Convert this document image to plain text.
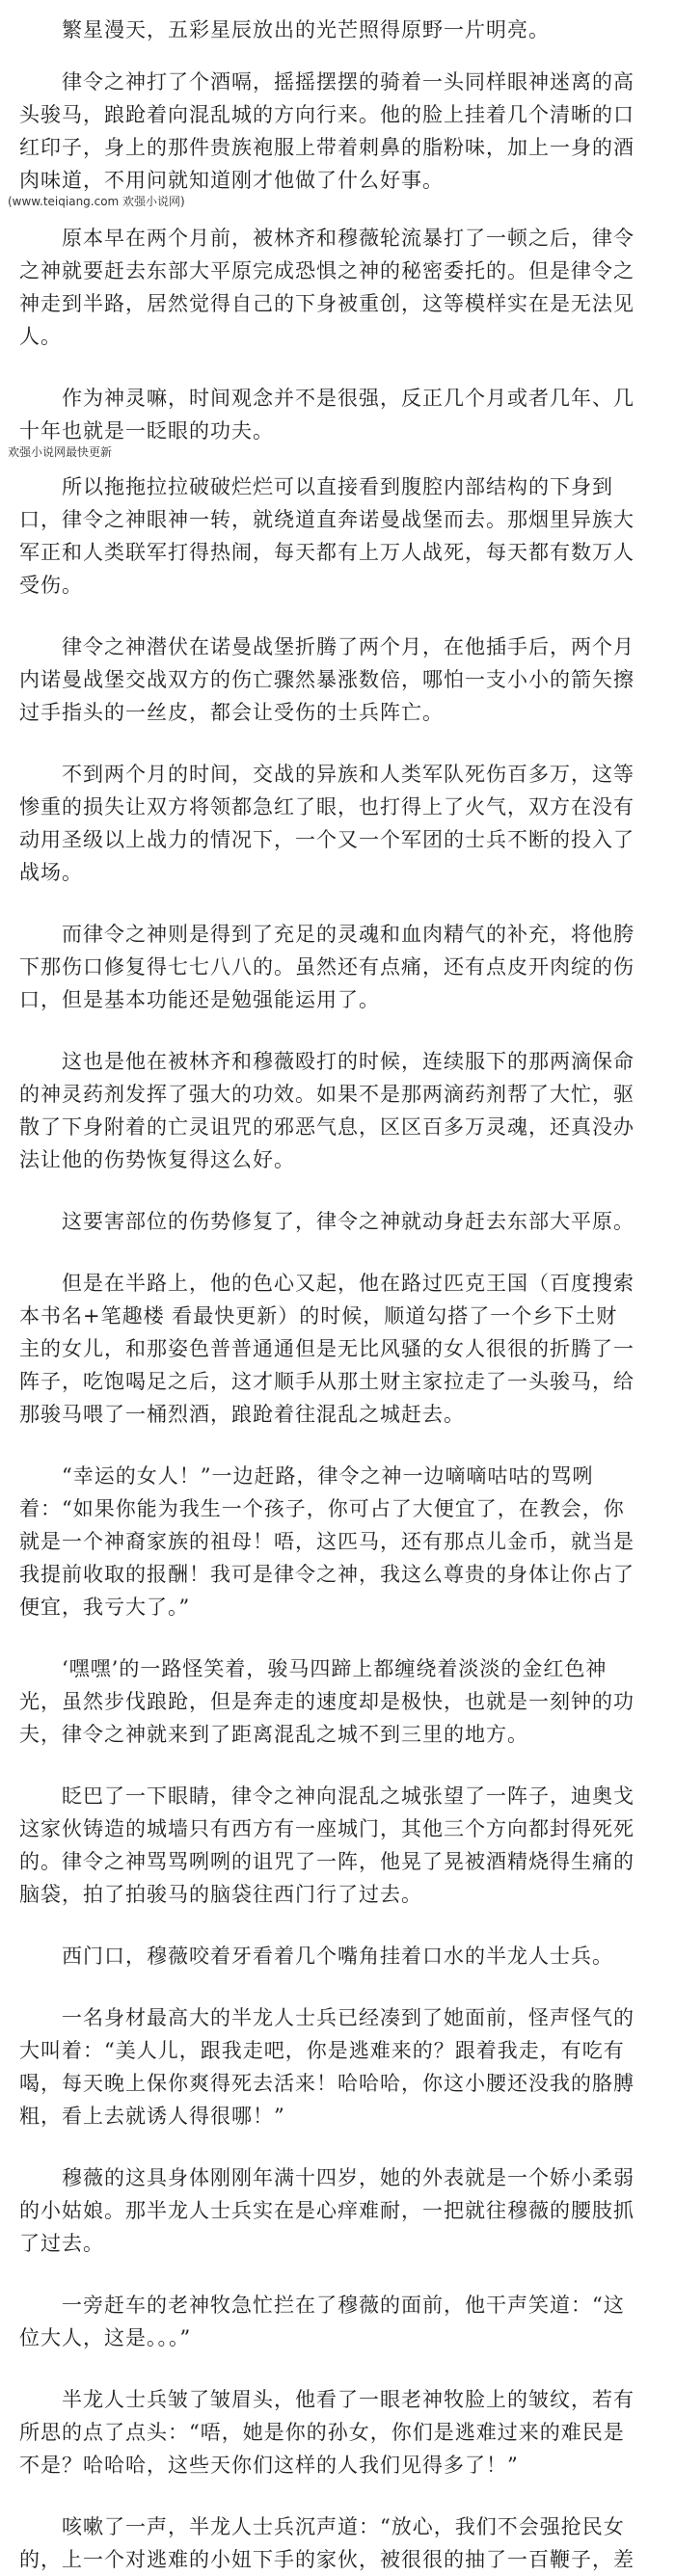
繁星漫天，五彩星辰放出的光芒照得原野一片明亮。

律令之神打了个酒嗝，摇摇摆摆的骑着一头同样眼神迷离的高头骏马，踉跄着向混乱城的方向行来。他的脸上挂着几个清晰的口红印子，身上的那件贵族袍服上带着刺鼻的脂粉味，加上一身的酒肉味道，不用问就知道刚才他做了什么好事。

(www.teiqiang.com 欢强小说网)

原本早在两个月前，被林齐和穆薇轮流暴打了一顿之后，律令之神就要赶去东部大平原完成恐惧之神的秘密委托的。但是律令之神走到半路，居然觉得自己的下身被重创，这等模样实在是无法见人。

作为神灵嘛，时间观念并不是很强，反正几个月或者几年、几十年也就是一眨眼的功夫。

欢强小说网最快更新

所以拖拖拉拉破破烂烂可以直接看到腹腔内部结构的下身到口，律令之神眼神一转，就绕道直奔诺曼战堡而去。那烟里异族大军正和人类联军打得热闹，每天都有上万人战死，每天都有数万人受伤。

律令之神潜伏在诺曼战堡折腾了两个月，在他插手后，两个月内诺曼战堡交战双方的伤亡骤然暴涨数倍，哪怕一支小小的箭矢擦过手指头的一丝皮，都会让受伤的士兵阵亡。

不到两个月的时间，交战的异族和人类军队死伤百多万，这等惨重的损失让双方将领都急红了眼，也打得上了火气，双方在没有动用圣级以上战力的情况下，一个又一个军团的士兵不断的投入了战场。

而律令之神则是得到了充足的灵魂和血肉精气的补充，将他胯下那伤口修复得七七八八的。虽然还有点痛，还有点皮开肉绽的伤口，但是基本功能还是勉强能运用了。

这也是他在被林齐和穆薇殴打的时候，连续服下的那两滴保命的神灵药剂发挥了强大的功效。如果不是那两滴药剂帮了大忙，驱散了下身附着的亡灵诅咒的邪恶气息，区区百多万灵魂，还真没办法让他的伤势恢复得这么好。

这要害部位的伤势修复了，律令之神就动身赶去东部大平原。

但是在半路上，他的色心又起，他在路过匹克王国（百度搜索本书名+笔趣楼 看最快更新）的时候，顺道勾搭了一个乡下土财主的女儿，和那姿色普普通通但是无比风骚的女人很很的折腾了一阵子，吃饱喝足之后，这才顺手从那土财主家拉走了一头骏马，给那骏马喂了一桶烈酒，踉跄着往混乱之城赶去。

“幸运的女人！”一边赶路，律令之神一边嘀嘀咕咕的骂咧着：“如果你能为我生一个孩子，你可占了大便宜了，在教会，你就是一个神裔家族的祖母！唔，这匹马，还有那点儿金币，就当是我提前收取的报酬！我可是律令之神，我这么尊贵的身体让你占了便宜，我亏大了。”

‘嘿嘿’的一路怪笑着，骏马四蹄上都缠绕着淡淡的金红色神光，虽然步伐踉跄，但是奔走的速度却是极快，也就是一刻钟的功夫，律令之神就来到了距离混乱之城不到三里的地方。

眨巴了一下眼睛，律令之神向混乱之城张望了一阵子，迪奥戈这家伙铸造的城墙只有西方有一座城门，其他三个方向都封得死死的。律令之神骂骂咧咧的诅咒了一阵，他晃了晃被酒精烧得生痛的脑袋，拍了拍骏马的脑袋往西门行了过去。

西门口，穆薇咬着牙看着几个嘴角挂着口水的半龙人士兵。

一名身材最高大的半龙人士兵已经凑到了她面前，怪声怪气的大叫着：“美人儿，跟我走吧，你是逃难来的？跟着我走，有吃有喝，每天晚上保你爽得死去活来！哈哈哈，你这小腰还没我的胳膊粗，看上去就诱人得很哪！”

穆薇的这具身体刚刚年满十四岁，她的外表就是一个娇小柔弱的小姑娘。那半龙人士兵实在是心痒难耐，一把就往穆薇的腰肢抓了过去。

一旁赶车的老神牧急忙拦在了穆薇的面前，他干声笑道：“这位大人，这是。。。”

半龙人士兵皱了皱眉头，他看了一眼老神牧脸上的皱纹，若有所思的点了点头：“唔，她是你的孙女，你们是逃难过来的难民是不是？哈哈哈，这些天你们这样的人我们见得多了！”

咳嗽了一声，半龙人士兵沉声道：“放心，我们不会强抢民女的，上一个对逃难的小妞下手的家伙，被很很的抽了一百鞭子，差
